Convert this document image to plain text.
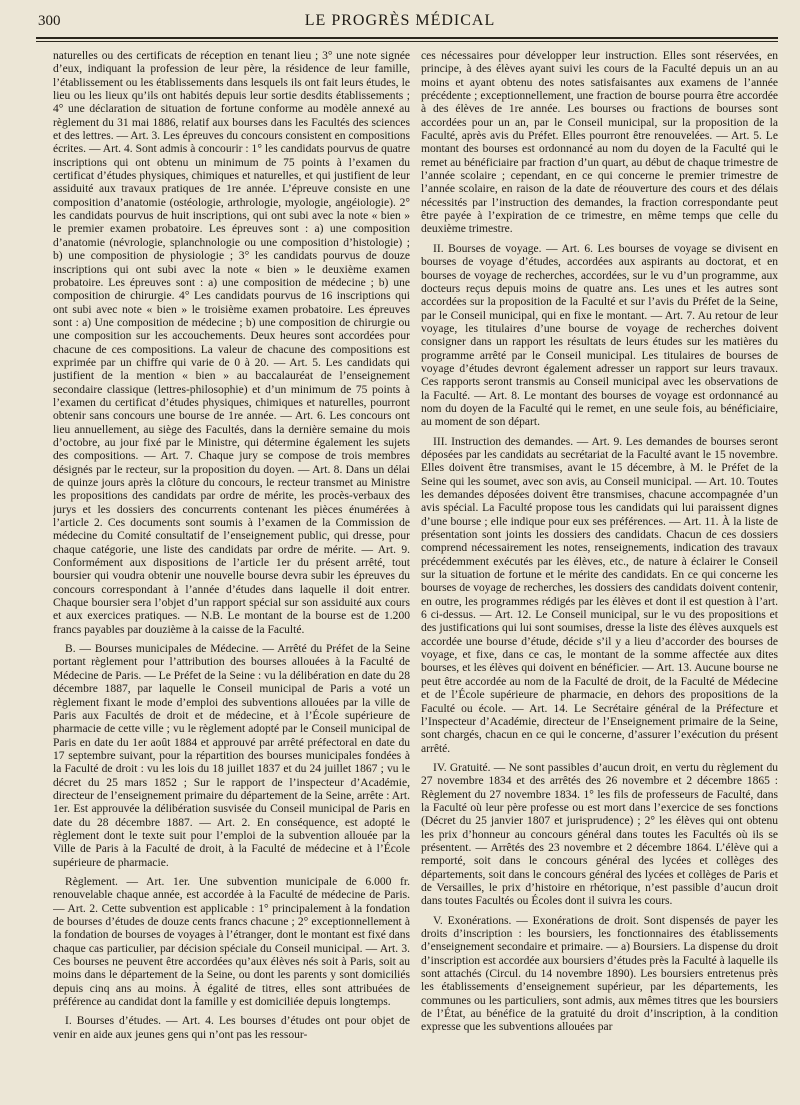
300	LE PROGRÈS MÉDICAL

naturelles ou des certificats de réception en tenant lieu ; 3° une note signée d’eux, indiquant la profession de leur père, la résidence de leur famille, l’établissement ou les établissements dans lesquels ils ont fait leurs études, le lieu ou les lieux qu’ils ont habités depuis leur sortie desdits établissements ; 4° une déclaration de situation de fortune conforme au modèle annexé au règlement du 31 mai 1886, relatif aux bourses dans les Facultés des sciences et des lettres. — Art. 3. Les épreuves du concours consistent en compositions écrites. — Art. 4. Sont admis à concourir : 1° les candidats pourvus de quatre inscriptions qui ont obtenu un minimum de 75 points à l’examen du certificat d’études physiques, chimiques et naturelles, et qui justifient de leur assiduité aux travaux pratiques de 1re année. L’épreuve consiste en une composition d’anatomie (ostéologie, arthrologie, myologie, angéiologie). 2° les candidats pourvus de huit inscriptions, qui ont subi avec la note « bien » le premier examen probatoire. Les épreuves sont : a) une composition d’anatomie (névrologie, splanchnologie ou une composition d’histologie) ; b) une composition de physiologie ; 3° les candidats pourvus de douze inscriptions qui ont subi avec la note « bien » le deuxième examen probatoire. Les épreuves sont : a) une composition de médecine ; b) une composition de chirurgie. 4° Les candidats pourvus de 16 inscriptions qui ont subi avec note « bien » le troisième examen probatoire. Les épreuves sont : a) Une composition de médecine ; b) une composition de chirurgie ou une composition sur les accouchements. Deux heures sont accordées pour chacune de ces compositions. La valeur de chacune des compositions est exprimée par un chiffre qui varie de 0 à 20. — Art. 5. Les candidats qui justifient de la mention « bien » au baccalauréat de l’enseignement secondaire classique (lettres-philosophie) et d’un minimum de 75 points à l’examen du certificat d’études physiques, chimiques et naturelles, pourront obtenir sans concours une bourse de 1re année. — Art. 6. Les concours ont lieu annuellement, au siège des Facultés, dans la dernière semaine du mois d’octobre, au jour fixé par le Ministre, qui détermine également les sujets des compositions. — Art. 7. Chaque jury se compose de trois membres désignés par le recteur, sur la proposition du doyen. — Art. 8. Dans un délai de quinze jours après la clôture du concours, le recteur transmet au Ministre les propositions des candidats par ordre de mérite, les procès-verbaux des jurys et les dossiers des concurrents contenant les pièces énumérées à l’article 2. Ces documents sont soumis à l’examen de la Commission de médecine du Comité consultatif de l’enseignement public, qui dresse, pour chaque catégorie, une liste des candidats par ordre de mérite. — Art. 9. Conformément aux dispositions de l’article 1er du présent arrêté, tout boursier qui voudra obtenir une nouvelle bourse devra subir les épreuves du concours correspondant à l’année d’études dans laquelle il doit entrer. Chaque boursier sera l’objet d’un rapport spécial sur son assiduité aux cours et aux exercices pratiques. — N.B. Le montant de la bourse est de 1.200 francs payables par douzième à la caisse de la Faculté.

B. — Bourses municipales de Médecine. — Arrêté du Préfet de la Seine portant règlement pour l’attribution des bourses allouées à la Faculté de Médecine de Paris. — Le Préfet de la Seine : vu la délibération en date du 28 décembre 1887, par laquelle le Conseil municipal de Paris a voté un règlement fixant le mode d’emploi des subventions allouées par la ville de Paris aux Facultés de droit et de médecine, et à l’École supérieure de pharmacie de cette ville ; vu le règlement adopté par le Conseil municipal de Paris en date du 1er août 1884 et approuvé par arrêté préfectoral en date du 17 septembre suivant, pour la répartition des bourses municipales fondées à la Faculté de droit : vu les lois du 18 juillet 1837 et du 24 juillet 1867 ; vu le décret du 25 mars 1852 ; Sur le rapport de l’inspecteur d’Académie, directeur de l’enseignement primaire du département de la Seine, arrête : Art. 1er. Est approuvée la délibération susvisée du Conseil municipal de Paris en date du 28 décembre 1887. — Art. 2. En conséquence, est adopté le règlement dont le texte suit pour l’emploi de la subvention allouée par la Ville de Paris à la Faculté de droit, à la Faculté de médecine et à l’École supérieure de pharmacie.

Règlement. — Art. 1er. Une subvention municipale de 6.000 fr. renouvelable chaque année, est accordée à la Faculté de médecine de Paris. — Art. 2. Cette subvention est applicable : 1° principalement à la fondation de bourses d’études de douze cents francs chacune ; 2° exceptionnellement à la fondation de bourses de voyages à l’étranger, dont le montant est fixé dans chaque cas particulier, par décision spéciale du Conseil municipal. — Art. 3. Ces bourses ne peuvent être accordées qu’aux élèves nés soit à Paris, soit au moins dans le département de la Seine, ou dont les parents y sont domiciliés depuis cinq ans au moins. À égalité de titres, elles sont attribuées de préférence au candidat dont la famille y est domiciliée depuis longtemps.

I. Bourses d’études. — Art. 4. Les bourses d’études ont pour objet de venir en aide aux jeunes gens qui n’ont pas les ressour-

ces nécessaires pour développer leur instruction. Elles sont réservées, en principe, à des élèves ayant suivi les cours de la Faculté depuis un an au moins et ayant obtenu des notes satisfaisantes aux examens de l’année précédente ; exceptionnellement, une fraction de bourse pourra être accordée à des élèves de 1re année. Les bourses ou fractions de bourses sont accordées pour un an, par le Conseil municipal, sur la proposition de la Faculté, après avis du Préfet. Elles pourront être renouvelées. — Art. 5. Le montant des bourses est ordonnancé au nom du doyen de la Faculté qui le remet au bénéficiaire par fraction d’un quart, au début de chaque trimestre de l’année scolaire ; cependant, en ce qui concerne le premier trimestre de l’année scolaire, en raison de la date de réouverture des cours et des délais nécessités par l’instruction des demandes, la fraction correspondante peut être payée à l’expiration de ce trimestre, en même temps que celle du deuxième trimestre.

II. Bourses de voyage. — Art. 6. Les bourses de voyage se divisent en bourses de voyage d’études, accordées aux aspirants au doctorat, et en bourses de voyage de recherches, accordées, sur le vu d’un programme, aux docteurs reçus depuis moins de quatre ans. Les unes et les autres sont accordées sur la proposition de la Faculté et sur l’avis du Préfet de la Seine, par le Conseil municipal, qui en fixe le montant. — Art. 7. Au retour de leur voyage, les titulaires d’une bourse de voyage de recherches doivent consigner dans un rapport les résultats de leurs études sur les matières du programme arrêté par le Conseil municipal. Les titulaires de bourses de voyage d’études devront également adresser un rapport sur leurs travaux. Ces rapports seront transmis au Conseil municipal avec les observations de la Faculté. — Art. 8. Le montant des bourses de voyage est ordonnancé au nom du doyen de la Faculté qui le remet, en une seule fois, au bénéficiaire, au moment de son départ.

III. Instruction des demandes. — Art. 9. Les demandes de bourses seront déposées par les candidats au secrétariat de la Faculté avant le 15 novembre. Elles doivent être transmises, avant le 15 décembre, à M. le Préfet de la Seine qui les soumet, avec son avis, au Conseil municipal. — Art. 10. Toutes les demandes déposées doivent être transmises, chacune accompagnée d’un avis spécial. La Faculté propose tous les candidats qui lui paraissent dignes d’une bourse ; elle indique pour eux ses préférences. — Art. 11. À la liste de présentation sont joints les dossiers des candidats. Chacun de ces dossiers comprend nécessairement les notes, renseignements, indication des travaux précédemment exécutés par les élèves, etc., de nature à éclairer le Conseil sur la situation de fortune et le mérite des candidats. En ce qui concerne les bourses de voyage de recherches, les dossiers des candidats doivent contenir, en outre, les programmes rédigés par les élèves et dont il est question à l’art. 6 ci-dessus. — Art. 12. Le Conseil municipal, sur le vu des propositions et des justifications qui lui sont soumises, dresse la liste des élèves auxquels est accordée une bourse d’étude, décide s’il y a lieu d’accorder des bourses de voyage, et fixe, dans ce cas, le montant de la somme affectée aux dites bourses, et les élèves qui doivent en bénéficier. — Art. 13. Aucune bourse ne peut être accordée au nom de la Faculté de droit, de la Faculté de Médecine et de l’École supérieure de pharmacie, en dehors des propositions de la Faculté ou école. — Art. 14. Le Secrétaire général de la Préfecture et l’Inspecteur d’Académie, directeur de l’Enseignement primaire de la Seine, sont chargés, chacun en ce qui le concerne, d’assurer l’exécution du présent arrêté.

IV. Gratuité. — Ne sont passibles d’aucun droit, en vertu du règlement du 27 novembre 1834 et des arrêtés des 26 novembre et 2 décembre 1865 : Règlement du 27 novembre 1834. 1° les fils de professeurs de Faculté, dans la Faculté où leur père professe ou est mort dans l’exercice de ses fonctions (Décret du 25 janvier 1807 et jurisprudence) ; 2° les élèves qui ont obtenu les prix d’honneur au concours général dans toutes les Facultés où ils se présentent. — Arrêtés des 23 novembre et 2 décembre 1864. L’élève qui a remporté, soit dans le concours général des lycées et collèges des départements, soit dans le concours général des lycées et collèges de Paris et de Versailles, le prix d’histoire en rhétorique, n’est passible d’aucun droit dans toutes Facultés ou Écoles dont il suivra les cours.

V. Exonérations. — Exonérations de droit. Sont dispensés de payer les droits d’inscription : les boursiers, les fonctionnaires des établissements d’enseignement secondaire et primaire. — a) Boursiers. La dispense du droit d’inscription est accordée aux boursiers d’études près la Faculté à laquelle ils sont attachés (Circul. du 14 novembre 1890). Les boursiers entretenus près les établissements d’enseignement supérieur, par les départements, les communes ou les particuliers, sont admis, aux mêmes titres que les boursiers de l’État, au bénéfice de la gratuité du droit d’inscription, à la condition expresse que les subventions allouées par
